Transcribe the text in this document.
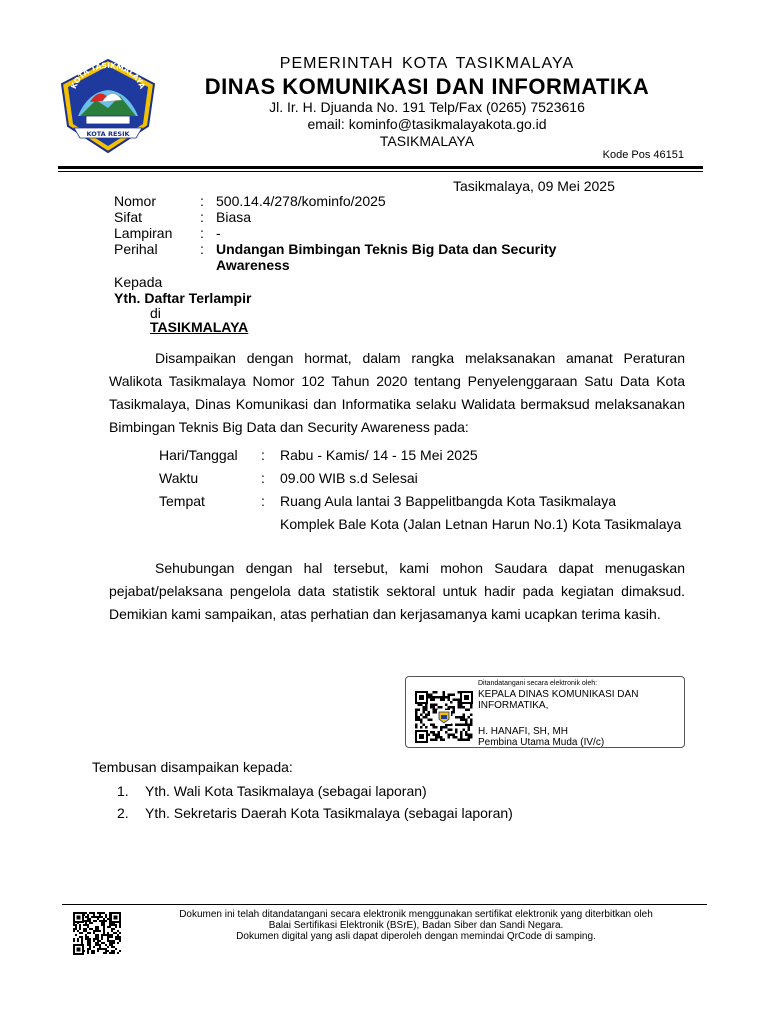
KOTA TASIKMALAYA
KOTA RESIK
PEMERINTAH KOTA TASIKMALAYA
DINAS KOMUNIKASI DAN INFORMATIKA
Jl. Ir. H. Djuanda No. 191 Telp/Fax (0265) 7523616
email: kominfo@tasikmalayakota.go.id
TASIKMALAYA
Kode Pos 46151
Tasikmalaya, 09 Mei 2025
Nomor	: 500.14.4/278/kominfo/2025
Sifat	: Biasa
Lampiran	: -
Perihal	: Undangan Bimbingan Teknis Big Data dan Security Awareness
Kepada
Yth. Daftar Terlampir
di
TASIKMALAYA
Disampaikan dengan hormat, dalam rangka melaksanakan amanat Peraturan Walikota Tasikmalaya Nomor 102 Tahun 2020 tentang Penyelenggaraan Satu Data Kota Tasikmalaya, Dinas Komunikasi dan Informatika selaku Walidata bermaksud melaksanakan Bimbingan Teknis Big Data dan Security Awareness pada:
Hari/Tanggal	:	Rabu - Kamis/ 14 - 15 Mei 2025
Waktu	:	09.00 WIB s.d Selesai
Tempat	:	Ruang Aula lantai 3 Bappelitbangda Kota Tasikmalaya
Komplek Bale Kota (Jalan Letnan Harun No.1) Kota Tasikmalaya
Sehubungan dengan hal tersebut, kami mohon Saudara dapat menugaskan pejabat/pelaksana pengelola data statistik sektoral untuk hadir pada kegiatan dimaksud. Demikian kami sampaikan, atas perhatian dan kerjasamanya kami ucapkan terima kasih.
Ditandatangani secara elektronik oleh:
KEPALA DINAS KOMUNIKASI DAN INFORMATIKA,
H. HANAFI, SH, MH
Pembina Utama Muda (IV/c)
Tembusan disampaikan kepada:
1.	Yth. Wali Kota Tasikmalaya (sebagai laporan)
2.	Yth. Sekretaris Daerah Kota Tasikmalaya (sebagai laporan)
Dokumen ini telah ditandatangani secara elektronik menggunakan sertifikat elektronik yang diterbitkan oleh
Balai Sertifikasi Elektronik (BSrE), Badan Siber dan Sandi Negara.
Dokumen digital yang asli dapat diperoleh dengan memindai QrCode di samping.
